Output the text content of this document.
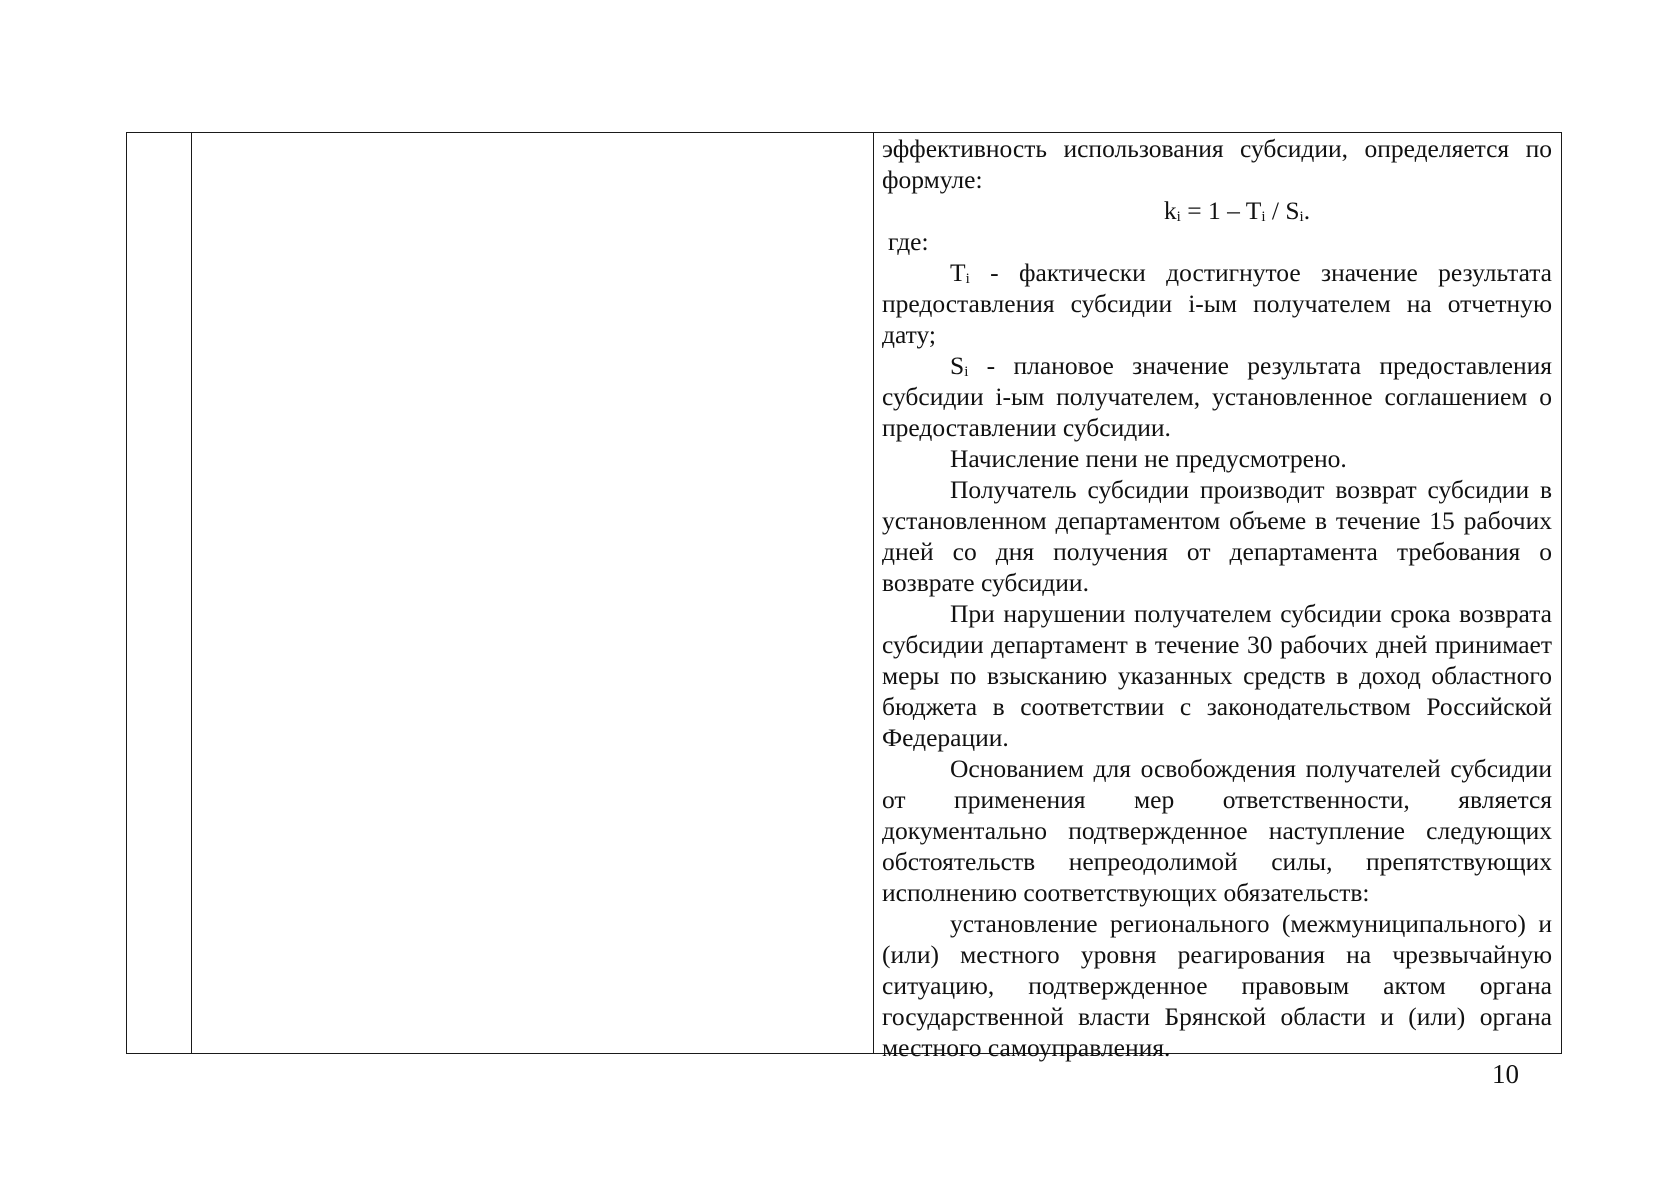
эффективность использования субсидии, определяется по формуле:

$k_i = 1 - T_i / S_i$.

где:

$T_i$ - фактически достигнутое значение результата предоставления субсидии i-ым получателем на отчетную дату;

$S_i$ - плановое значение результата предоставления субсидии i-ым получателем, установленное соглашением о предоставлении субсидии.

Начисление пени не предусмотрено.

Получатель субсидии производит возврат субсидии в установленном департаментом объеме в течение 15 рабочих дней со дня получения от департамента требования о возврате субсидии.

При нарушении получателем субсидии срока возврата субсидии департамент в течение 30 рабочих дней принимает меры по взысканию указанных средств в доход областного бюджета в соответствии с законодательством Российской Федерации.

Основанием для освобождения получателей субсидии от применения мер ответственности, является документально подтвержденное наступление следующих обстоятельств непреодолимой силы, препятствующих исполнению соответствующих обязательств:

установление регионального (межмуниципального) и (или) местного уровня реагирования на чрезвычайную ситуацию, подтвержденное правовым актом органа государственной власти Брянской области и (или) органа местного самоуправления.

10
